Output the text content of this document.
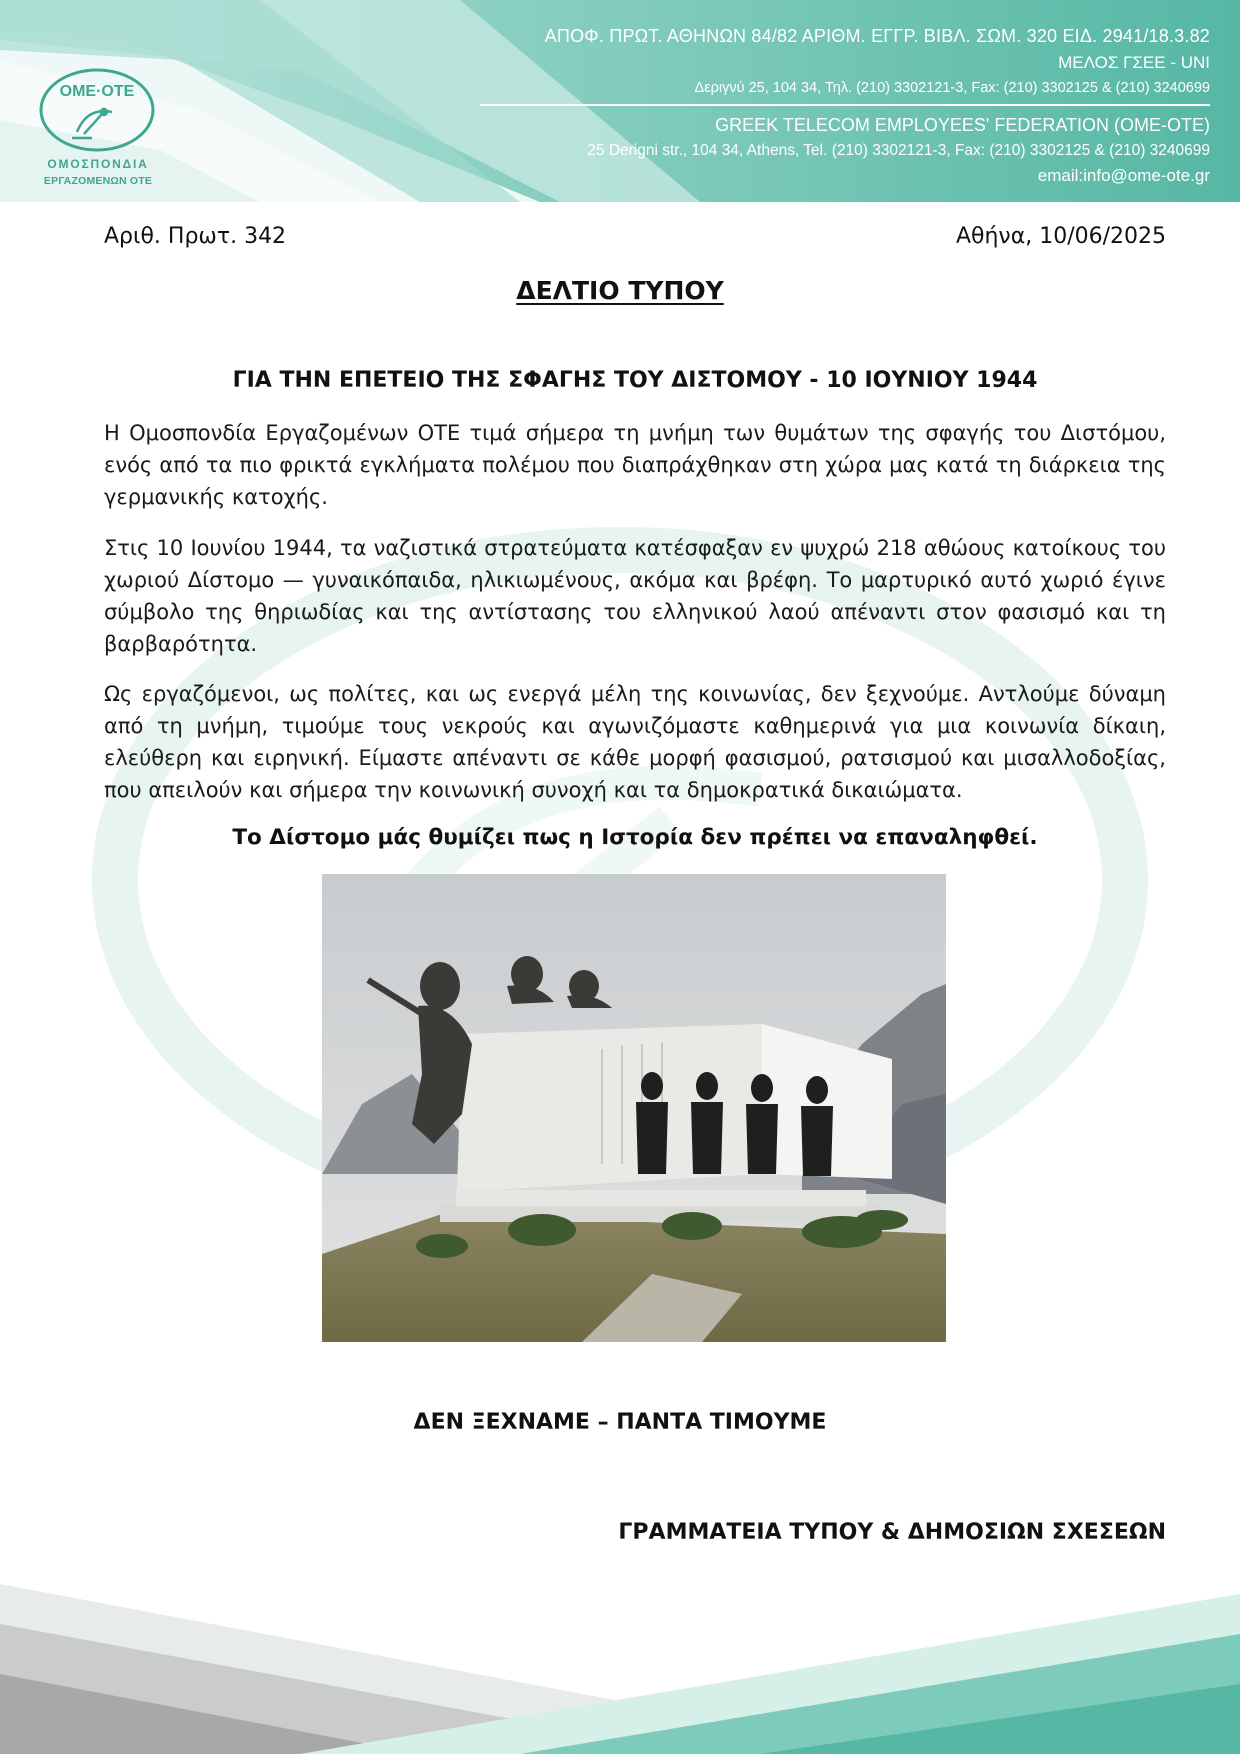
OME·OTE
ΟΜΟΣΠΟΝΔΙΑ
ΕΡΓΑΖΟΜΕΝΩΝ ΟΤΕ
ΑΠΟΦ. ΠΡΩΤ. ΑΘΗΝΩΝ 84/82 ΑΡΙΘΜ. ΕΓΓΡ. ΒΙΒΛ. ΣΩΜ. 320 ΕΙΔ. 2941/18.3.82
ΜΕΛΟΣ ΓΣΕΕ - UNI
Δεριγνύ 25, 104 34, Τηλ. (210) 3302121-3, Fax: (210) 3302125 & (210) 3240699
GREEK TELECOM EMPLOYEES' FEDERATION (OME-OTE)
25 Derigni str., 104 34, Athens, Tel. (210) 3302121-3, Fax: (210) 3302125 & (210) 3240699
email:info@ome-ote.gr
Αριθ. Πρωτ. 342	Αθήνα, 10/06/2025
ΔΕΛΤΙΟ ΤΥΠΟΥ
ΓΙΑ ΤΗΝ ΕΠΕΤΕΙΟ ΤΗΣ ΣΦΑΓΗΣ ΤΟΥ ΔΙΣΤΟΜΟΥ - 10 ΙΟΥΝΙΟΥ 1944

Η Ομοσπονδία Εργαζομένων ΟΤΕ τιμά σήμερα τη μνήμη των θυμάτων της σφαγής του Διστόμου, ενός από τα πιο φρικτά εγκλήματα πολέμου που διαπράχθηκαν στη χώρα μας κατά τη διάρκεια της γερμανικής κατοχής.

Στις 10 Ιουνίου 1944, τα ναζιστικά στρατεύματα κατέσφαξαν εν ψυχρώ 218 αθώους κατοίκους του χωριού Δίστομο — γυναικόπαιδα, ηλικιωμένους, ακόμα και βρέφη. Το μαρτυρικό αυτό χωριό έγινε σύμβολο της θηριωδίας και της αντίστασης του ελληνικού λαού απέναντι στον φασισμό και τη βαρβαρότητα.

Ως εργαζόμενοι, ως πολίτες, και ως ενεργά μέλη της κοινωνίας, δεν ξεχνούμε. Αντλούμε δύναμη από τη μνήμη, τιμούμε τους νεκρούς και αγωνιζόμαστε καθημερινά για μια κοινωνία δίκαιη, ελεύθερη και ειρηνική. Είμαστε απέναντι σε κάθε μορφή φασισμού, ρατσισμού και μισαλλοδοξίας, που απειλούν και σήμερα την κοινωνική συνοχή και τα δημοκρατικά δικαιώματα.

Το Δίστομο μάς θυμίζει πως η Ιστορία δεν πρέπει να επαναληφθεί.
ΔΕΝ ΞΕΧΝΑΜΕ – ΠΑΝΤΑ ΤΙΜΟΥΜΕ
ΓΡΑΜΜΑΤΕΙΑ ΤΥΠΟΥ & ΔΗΜΟΣΙΩΝ ΣΧΕΣΕΩΝ
